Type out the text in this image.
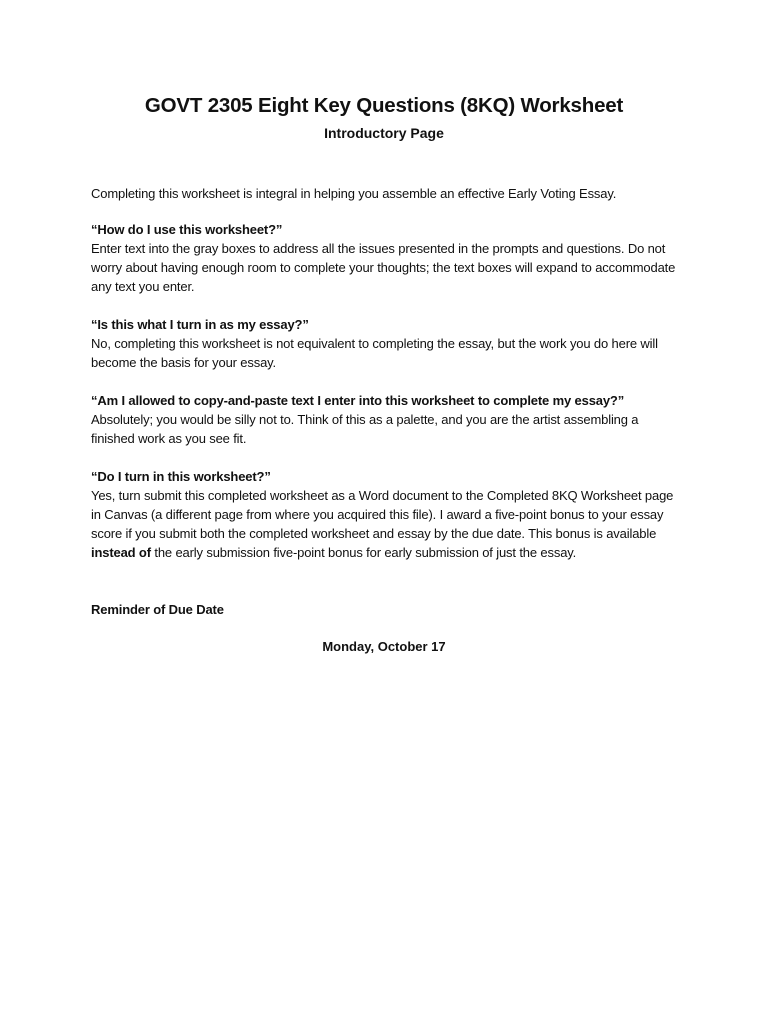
GOVT 2305 Eight Key Questions (8KQ) Worksheet
Introductory Page
Completing this worksheet is integral in helping you assemble an effective Early Voting Essay.
“How do I use this worksheet?”
Enter text into the gray boxes to address all the issues presented in the prompts and questions. Do not worry about having enough room to complete your thoughts; the text boxes will expand to accommodate any text you enter.
“Is this what I turn in as my essay?”
No, completing this worksheet is not equivalent to completing the essay, but the work you do here will become the basis for your essay.
“Am I allowed to copy-and-paste text I enter into this worksheet to complete my essay?”
Absolutely; you would be silly not to. Think of this as a palette, and you are the artist assembling a finished work as you see fit.
“Do I turn in this worksheet?”
Yes, turn submit this completed worksheet as a Word document to the Completed 8KQ Worksheet page in Canvas (a different page from where you acquired this file). I award a five-point bonus to your essay score if you submit both the completed worksheet and essay by the due date. This bonus is available instead of the early submission five-point bonus for early submission of just the essay.
Reminder of Due Date
Monday, October 17
